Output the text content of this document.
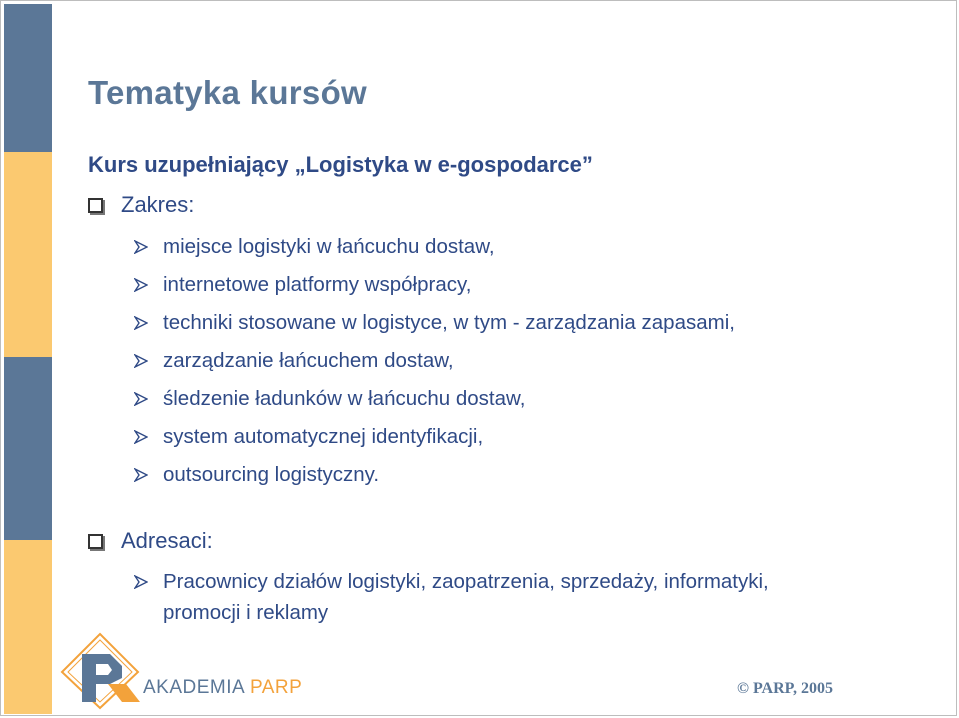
Tematyka kursów
Kurs uzupełniający „Logistyka w e-gospodarce”
Zakres:
miejsce logistyki w łańcuchu dostaw,
internetowe platformy współpracy,
techniki stosowane w logistyce, w tym - zarządzania zapasami,
zarządzanie łańcuchem dostaw,
śledzenie ładunków w łańcuchu dostaw,
system automatycznej identyfikacji,
outsourcing logistyczny.
Adresaci:
Pracownicy działów logistyki, zaopatrzenia, sprzedaży, informatyki, promocji i reklamy
AKADEMIA PARP	© PARP, 2005
